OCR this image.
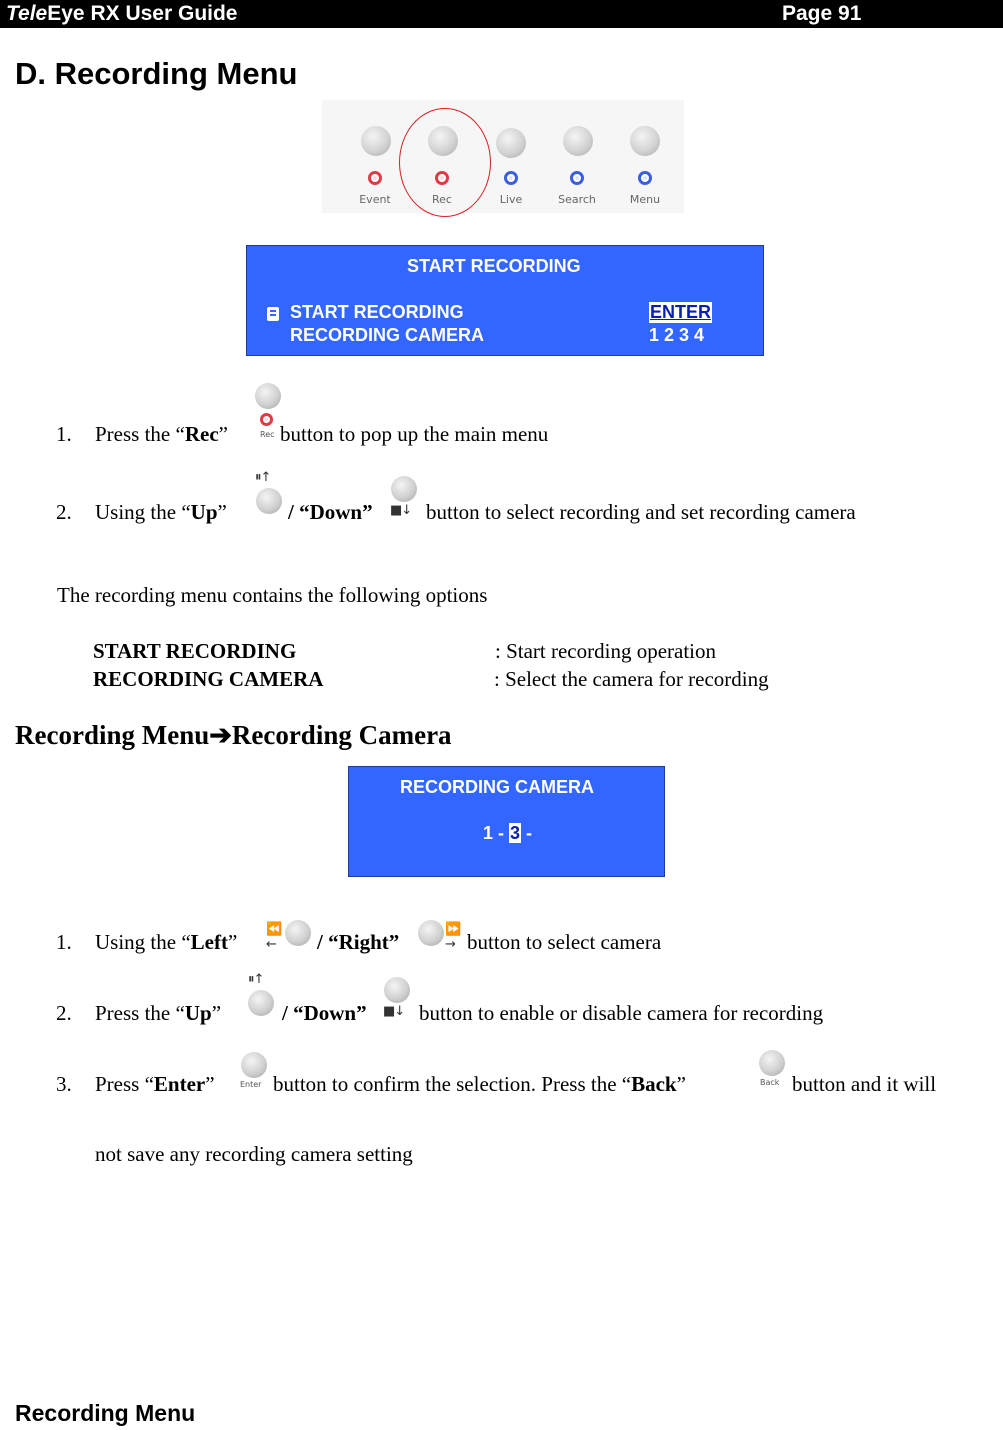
TeleEye RX User Guide	Page 91
D. Recording Menu
Event	Rec	Live	Search	Menu
START RECORDING
START RECORDING	ENTER
RECORDING CAMERA	1 2 3 4
1. Press the “Rec”	Rec button to pop up the main menu
2. Using the “Up”
⏸↑
/ “Down” ■↓ button to select recording and set recording camera
The recording menu contains the following options
START RECORDING	: Start recording operation
RECORDING CAMERA	: Select the camera for recording
Recording Menu➔Recording Camera
RECORDING CAMERA
1 - 3 -
1. Using the “Left”
⏪
← / “Right”
⏩
→ button to select camera
2. Press the “Up”
⏸↑
/ “Down” ■↓ button to enable or disable camera for recording
3. Press “Enter”	Enter button to confirm the selection. Press the “Back”	Back button and it will
not save any recording camera setting
Recording Menu
